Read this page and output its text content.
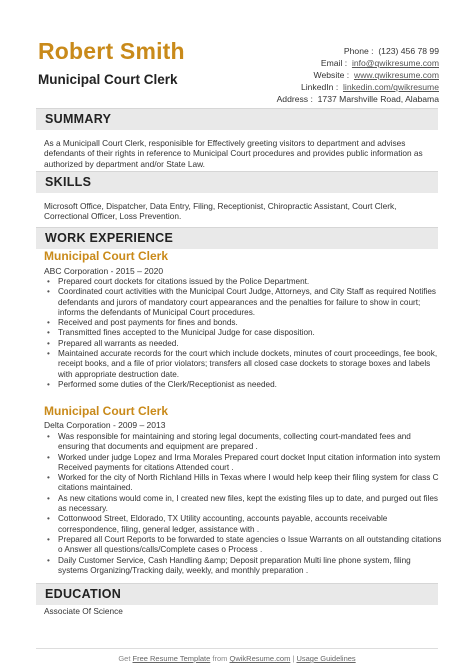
Robert Smith
Municipal Court Clerk
Phone : (123) 456 78 99
Email : info@qwikresume.com
Website : www.qwikresume.com
LinkedIn : linkedin.com/qwikresume
Address : 1737 Marshville Road, Alabama
SUMMARY
As a Municipall Court Clerk, responisible for Effectively greeting visitors to department and advises defendants of their rights in reference to Municipal Court procedures and provides public information as authorized by department and/or State Law.
SKILLS
Microsoft Office, Dispatcher, Data Entry, Filing, Receptionist, Chiropractic Assistant, Court Clerk, Correctional Officer, Loss Prevention.
WORK EXPERIENCE
Municipal Court Clerk
ABC Corporation - 2015 – 2020
• Prepared court dockets for citations issued by the Police Department.
• Coordinated court activities with the Municipal Court Judge, Attorneys, and City Staff as required Notifies defendants and jurors of mandatory court appearances and the penalties for failure to show in court; informs the defendants of Municipal Court procedures.
• Received and post payments for fines and bonds.
• Transmitted fines accepted to the Municipal Judge for case disposition.
• Prepared all warrants as needed.
• Maintained accurate records for the court which include dockets, minutes of court proceedings, fee book, receipt books, and a file of prior violators; transfers all closed case dockets to storage boxes and labels with appropriate destruction date.
• Performed some duties of the Clerk/Receptionist as needed.
Municipal Court Clerk
Delta Corporation - 2009 – 2013
• Was responsible for maintaining and storing legal documents, collecting court-mandated fees and ensuring that documents and equipment are prepared .
• Worked under judge Lopez and Irma Morales Prepared court docket Input citation information into system Received payments for citations Attended court .
• Worked for the city of North Richland Hills in Texas where I would help keep their filing system for class C citations maintained.
• As new citations would come in, I created new files, kept the existing files up to date, and purged out files as necessary.
• Cottonwood Street, Eldorado, TX Utility accounting, accounts payable, accounts receivable correspondence, filing, general ledger, assistance with .
• Prepared all Court Reports to be forwarded to state agencies o Issue Warrants on all outstanding citations o Answer all questions/calls/Complete cases o Process .
• Daily Customer Service, Cash Handling &amp; Deposit preparation Multi line phone system, filing systems Organizing/Tracking daily, weekly, and monthly preparation .
EDUCATION
Associate Of Science
Get Free Resume Template from QwikResume.com | Usage Guidelines
